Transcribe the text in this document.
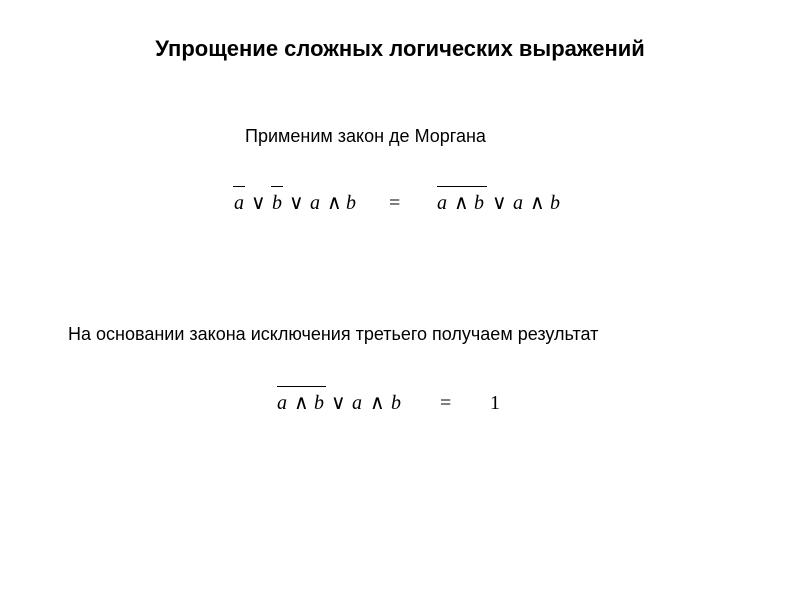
Упрощение сложных логических выражений
Применим закон де Моргана
a ∨ b ∨ a ∧ b = a ∧ b ∨ a ∧ b
На основании закона исключения третьего получаем результат
a ∧ b ∨ a ∧ b = 1
